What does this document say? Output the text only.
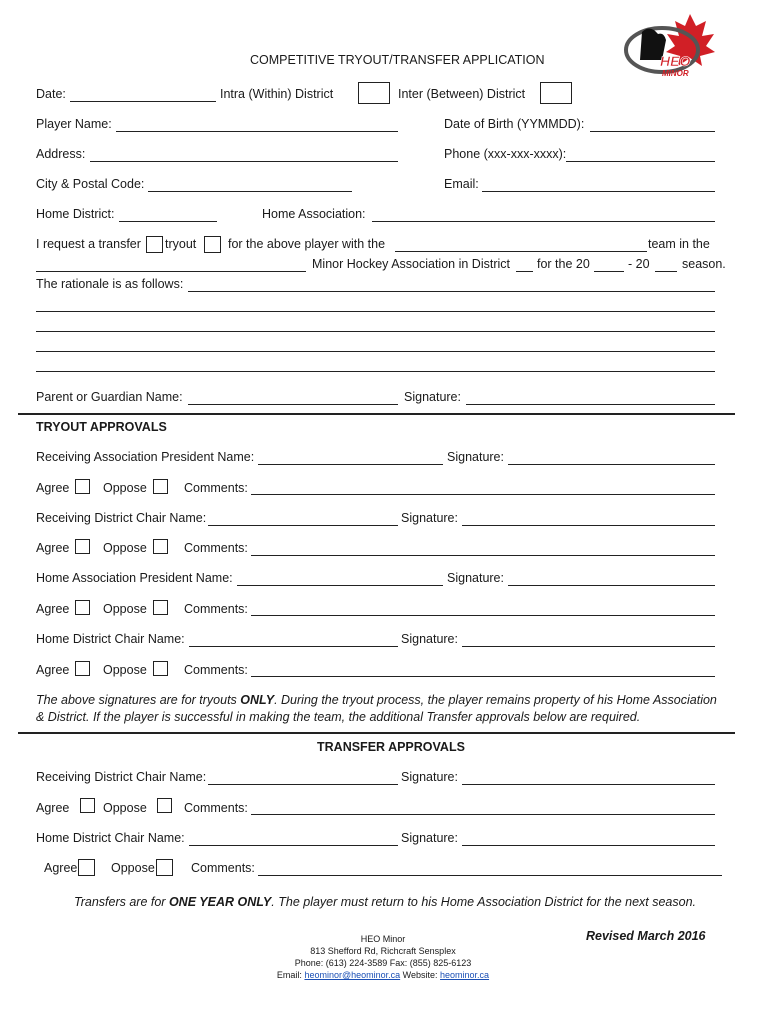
HEO
MINOR
COMPETITIVE TRYOUT/TRANSFER APPLICATION
Date:	Intra (Within) District	Inter (Between) District
Player Name:	Date of Birth (YYMMDD):
Address:	Phone (xxx-xxx-xxxx):
City & Postal Code:	Email:
Home District:	Home Association:
I request a transfer tryout	for the above player with the	team in the
Minor Hockey Association in District for the 20	- 20	season.
The rationale is as follows:
Parent or Guardian Name:	Signature:
TRYOUT APPROVALS
Receiving Association President Name:	Signature:
Agree	Oppose	Comments:
Receiving District Chair Name:	Signature:
Agree	Oppose	Comments:
Home Association President Name:	Signature:
Agree	Oppose	Comments:
Home District Chair Name:	Signature:
Agree	Oppose	Comments:
The above signatures are for tryouts ONLY. During the tryout process, the player remains property of his Home Association
& District. If the player is successful in making the team, the additional Transfer approvals below are required.
TRANSFER APPROVALS
Receiving District Chair Name:	Signature:
Agree	Oppose	Comments:
Home District Chair Name:	Signature:
Agree	Oppose	Comments:
Transfers are for ONE YEAR ONLY. The player must return to his Home Association District for the next season.
HEO Minor
813 Shefford Rd, Richcraft Sensplex
Phone: (613) 224-3589 Fax: (855) 825-6123
Email: heominor@heominor.ca Website: heominor.ca
Revised March 2016
